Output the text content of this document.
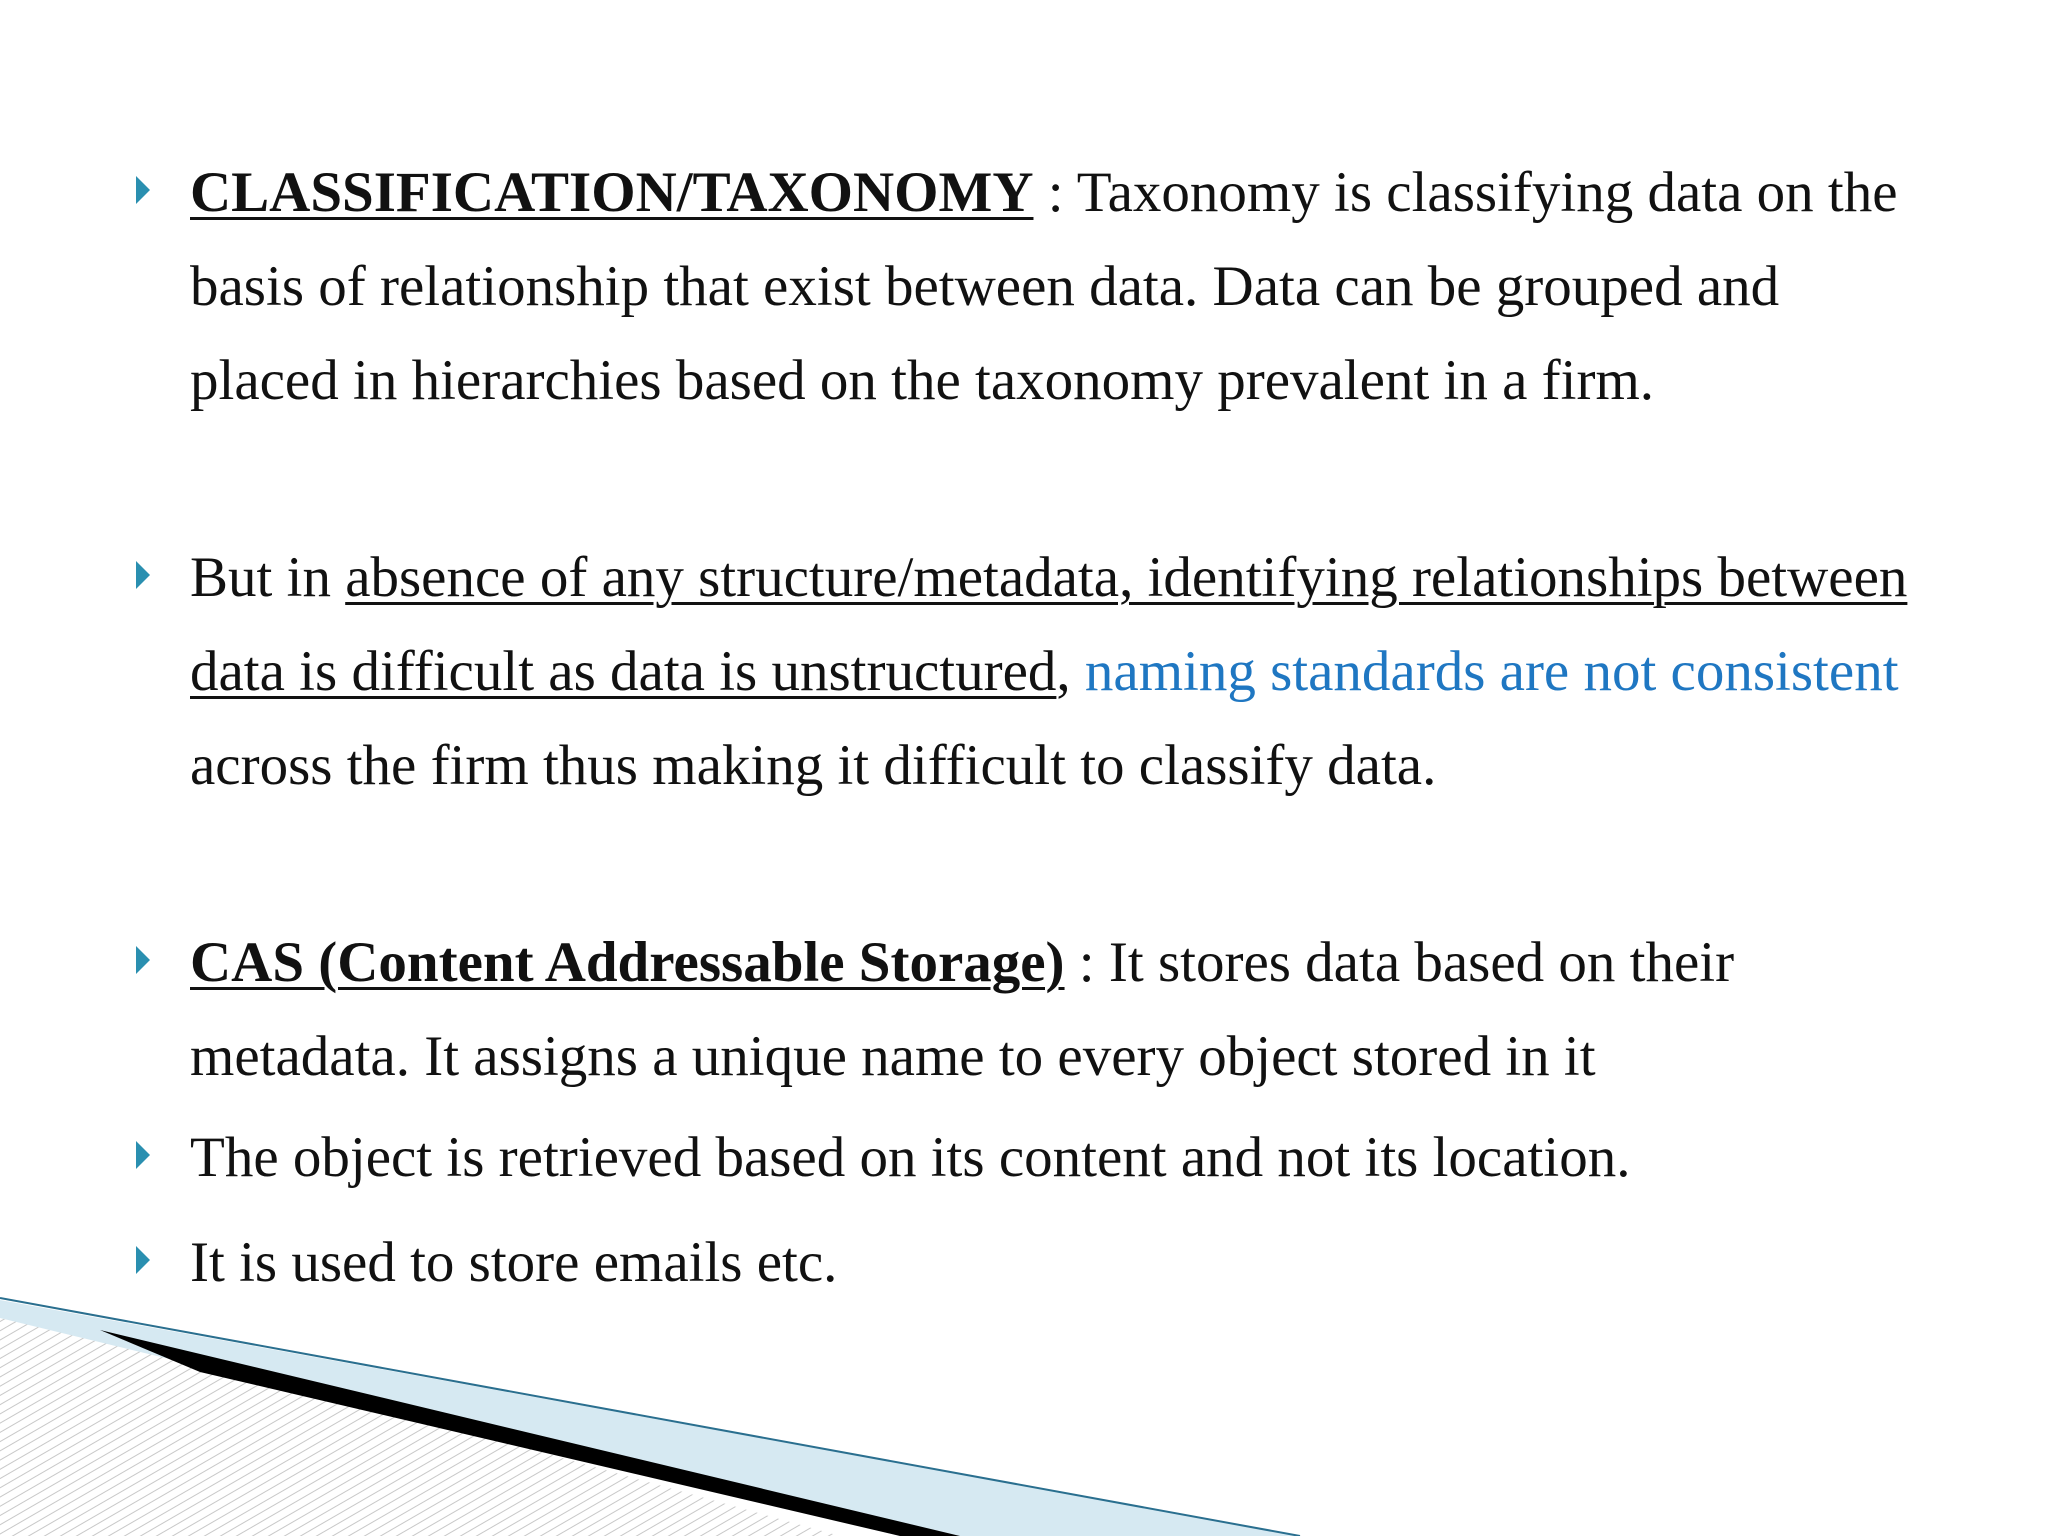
CLASSIFICATION/TAXONOMY : Taxonomy is classifying data on the basis of relationship that exist between data. Data can be grouped and placed in hierarchies based on the taxonomy prevalent in a firm.

But in absence of any structure/metadata, identifying relationships between data is difficult as data is unstructured, naming standards are not consistent across the firm thus making it difficult to classify data.

CAS (Content Addressable Storage) : It stores data based on their metadata. It assigns a unique name to every object stored in it

The object is retrieved based on its content and not its location.

It is used to store emails etc.
